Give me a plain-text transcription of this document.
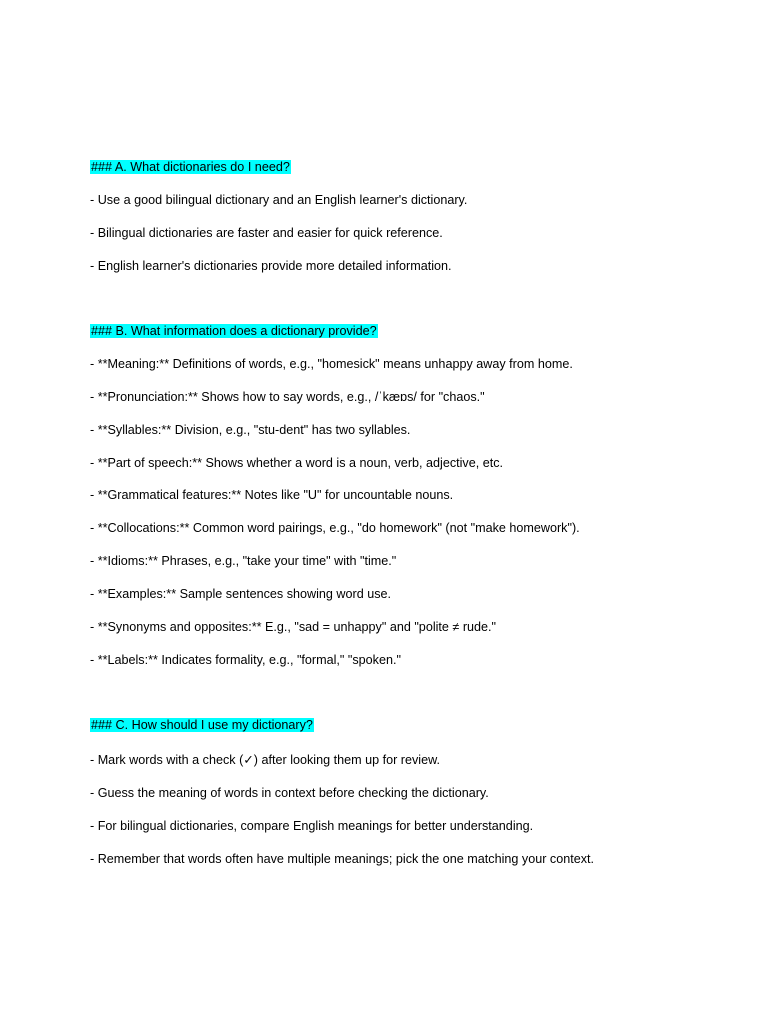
### A. What dictionaries do I need?
- Use a good bilingual dictionary and an English learner's dictionary.
- Bilingual dictionaries are faster and easier for quick reference.
- English learner's dictionaries provide more detailed information.
### B. What information does a dictionary provide?
- **Meaning:** Definitions of words, e.g., "homesick" means unhappy away from home.
- **Pronunciation:** Shows how to say words, e.g., /ˈkæɒs/ for "chaos."
- **Syllables:** Division, e.g., "stu-dent" has two syllables.
- **Part of speech:** Shows whether a word is a noun, verb, adjective, etc.
- **Grammatical features:** Notes like "U" for uncountable nouns.
- **Collocations:** Common word pairings, e.g., "do homework" (not "make homework").
- **Idioms:** Phrases, e.g., "take your time" with "time."
- **Examples:** Sample sentences showing word use.
- **Synonyms and opposites:** E.g., "sad = unhappy" and "polite ≠ rude."
- **Labels:** Indicates formality, e.g., "formal," "spoken."
### C. How should I use my dictionary?
- Mark words with a check (✓) after looking them up for review.
- Guess the meaning of words in context before checking the dictionary.
- For bilingual dictionaries, compare English meanings for better understanding.
- Remember that words often have multiple meanings; pick the one matching your context.
